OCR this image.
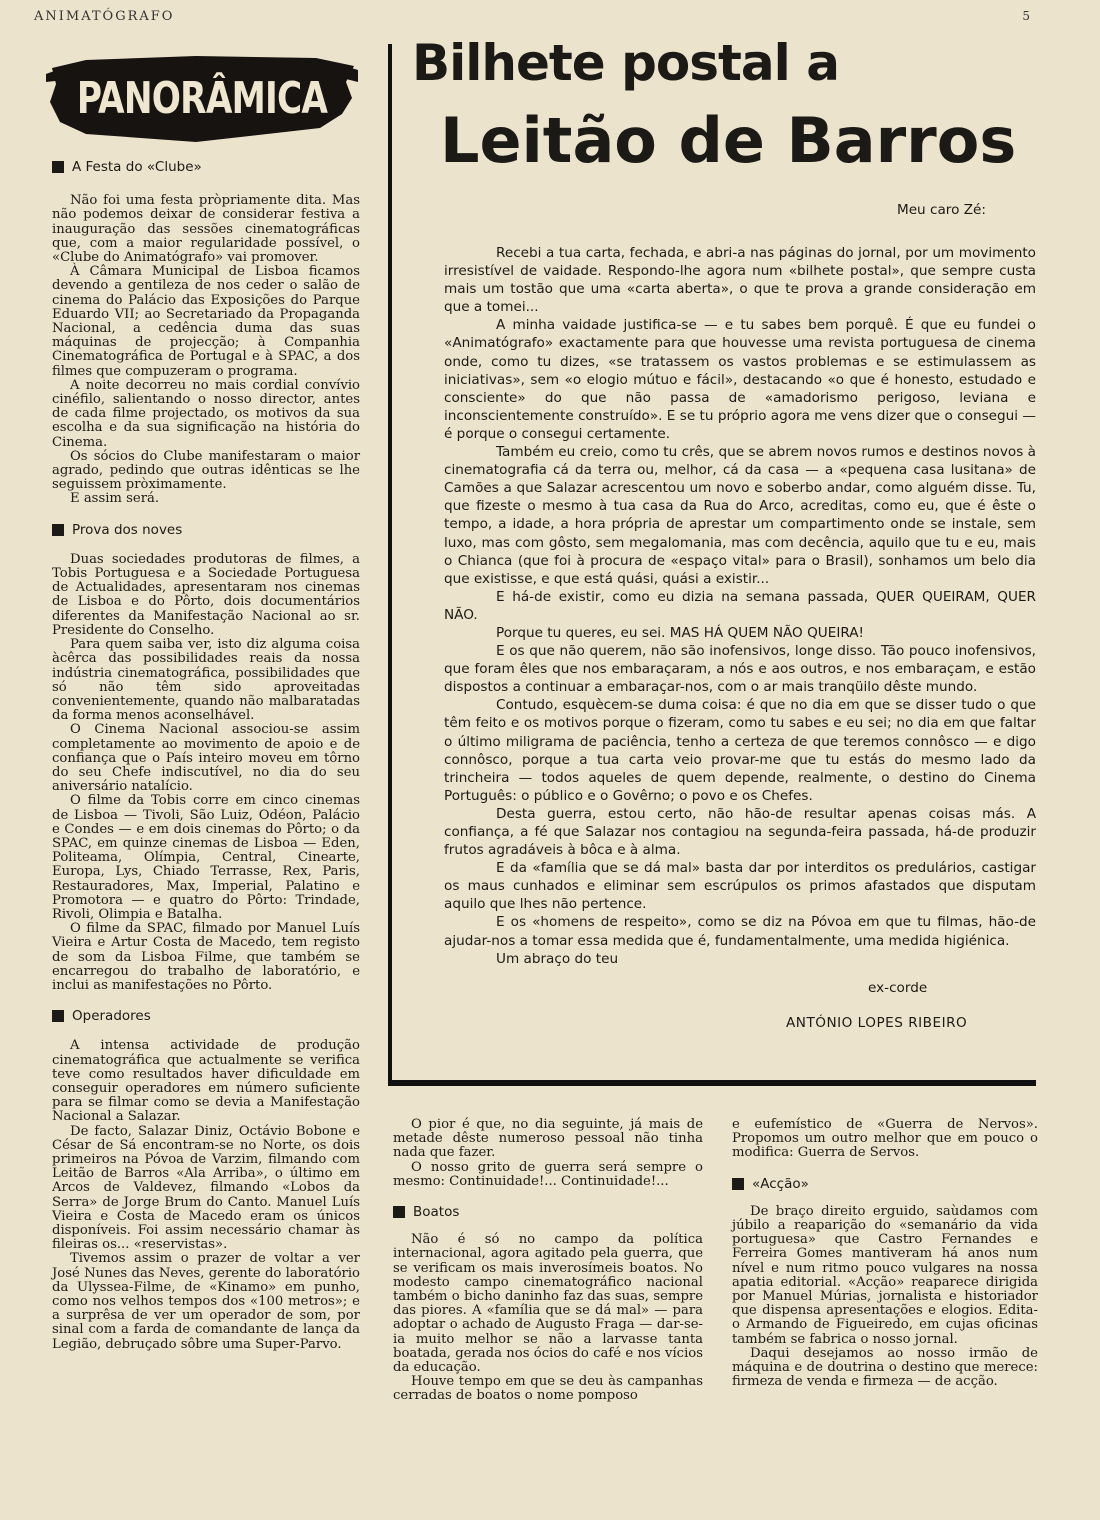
ANIMATÓGRAFO	5
PANORÂMICA
A Festa do «Clube»

Não foi uma festa pròpriamente dita. Mas não podemos deixar de considerar festiva a inauguração das sessões cinematográficas que, com a maior regularidade possível, o «Clube do Animatógrafo» vai promover.

À Câmara Municipal de Lisboa ficamos devendo a gentileza de nos ceder o salão de cinema do Palácio das Exposições do Parque Eduardo VII; ao Secretariado da Propaganda Nacional, a cedência duma das suas máquinas de projecção; à Companhia Cinematográfica de Portugal e à SPAC, a dos filmes que compuzeram o programa.

A noite decorreu no mais cordial convívio cinéfilo, salientando o nosso director, antes de cada filme projectado, os motivos da sua escolha e da sua significação na história do Cinema.

Os sócios do Clube manifestaram o maior agrado, pedindo que outras idênticas se lhe seguissem pròximamente.

E assim será.

Prova dos noves

Duas sociedades produtoras de filmes, a Tobis Portuguesa e a Sociedade Portuguesa de Actualidades, apresentaram nos cinemas de Lisboa e do Pôrto, dois documentários diferentes da Manifestação Nacional ao sr. Presidente do Conselho.

Para quem saiba ver, isto diz alguma coisa àcêrca das possibilidades reais da nossa indústria cinematográfica, possibilidades que só não têm sido aproveitadas convenientemente, quando não malbaratadas da forma menos aconselhável.

O Cinema Nacional associou-se assim completamente ao movimento de apoio e de confiança que o País inteiro moveu em tôrno do seu Chefe indiscutível, no dia do seu aniversário natalício.

O filme da Tobis corre em cinco cinemas de Lisboa — Tivoli, São Luiz, Odéon, Palácio e Condes — e em dois cinemas do Pôrto; o da SPAC, em quinze cinemas de Lisboa — Eden, Politeama, Olímpia, Central, Cinearte, Europa, Lys, Chiado Terrasse, Rex, Paris, Restauradores, Max, Imperial, Palatino e Promotora — e quatro do Pôrto: Trindade, Rivoli, Olimpia e Batalha.

O filme da SPAC, filmado por Manuel Luís Vieira e Artur Costa de Macedo, tem registo de som da Lisboa Filme, que também se encarregou do trabalho de laboratório, e inclui as manifestações no Pôrto.

Operadores

A intensa actividade de produção cinematográfica que actualmente se verifica teve como resultados haver dificuldade em conseguir operadores em número suficiente para se filmar como se devia a Manifestação Nacional a Salazar.

De facto, Salazar Diniz, Octávio Bobone e César de Sá encontram-se no Norte, os dois primeiros na Póvoa de Varzim, filmando com Leitão de Barros «Ala Arriba», o último em Arcos de Valdevez, filmando «Lobos da Serra» de Jorge Brum do Canto. Manuel Luís Vieira e Costa de Macedo eram os únicos disponíveis. Foi assim necessário chamar às fileiras os... «reservistas».

Tivemos assim o prazer de voltar a ver José Nunes das Neves, gerente do laboratório da Ulyssea-Filme, de «Kinamo» em punho, como nos velhos tempos dos «100 metros»; e a surprêsa de ver um operador de som, por sinal com a farda de comandante de lança da Legião, debruçado sôbre uma Super-Parvo.

Bilhete postal a
Leitão de Barros
Meu caro Zé:

Recebi a tua carta, fechada, e abri-a nas páginas do jornal, por um movimento irresistível de vaidade. Respondo-lhe agora num «bilhete postal», que sempre custa mais um tostão que uma «carta aberta», o que te prova a grande consideração em que a tomei...

A minha vaidade justifica-se — e tu sabes bem porquê. É que eu fundei o «Animatógrafo» exactamente para que houvesse uma revista portuguesa de cinema onde, como tu dizes, «se tratassem os vastos problemas e se estimulassem as iniciativas», sem «o elogio mútuo e fácil», destacando «o que é honesto, estudado e consciente» do que não passa de «amadorismo perigoso, leviana e inconscientemente construído». E se tu próprio agora me vens dizer que o consegui — é porque o consegui certamente.

Também eu creio, como tu crês, que se abrem novos rumos e destinos novos à cinematografia cá da terra ou, melhor, cá da casa — a «pequena casa lusitana» de Camões a que Salazar acrescentou um novo e soberbo andar, como alguém disse. Tu, que fizeste o mesmo à tua casa da Rua do Arco, acreditas, como eu, que é êste o tempo, a idade, a hora própria de aprestar um compartimento onde se instale, sem luxo, mas com gôsto, sem megalomania, mas com decência, aquilo que tu e eu, mais o Chianca (que foi à procura de «espaço vital» para o Brasil), sonhamos um belo dia que existisse, e que está quási, quási a existir...

E há-de existir, como eu dizia na semana passada, QUER QUEIRAM, QUER NÃO.

Porque tu queres, eu sei. MAS HÁ QUEM NÃO QUEIRA!

E os que não querem, não são inofensivos, longe disso. Tão pouco inofensivos, que foram êles que nos embaraçaram, a nós e aos outros, e nos embaraçam, e estão dispostos a continuar a embaraçar-nos, com o ar mais tranqüilo dêste mundo.

Contudo, esquècem-se duma coisa: é que no dia em que se disser tudo o que têm feito e os motivos porque o fizeram, como tu sabes e eu sei; no dia em que faltar o último miligrama de paciência, tenho a certeza de que teremos connôsco — e digo connôsco, porque a tua carta veio provar-me que tu estás do mesmo lado da trincheira — todos aqueles de quem depende, realmente, o destino do Cinema Português: o público e o Govêrno; o povo e os Chefes.

Desta guerra, estou certo, não hão-de resultar apenas coisas más. A confiança, a fé que Salazar nos contagiou na segunda-feira passada, há-de produzir frutos agradáveis à bôca e à alma.

E da «família que se dá mal» basta dar por interditos os predulários, castigar os maus cunhados e eliminar sem escrúpulos os primos afastados que disputam aquilo que lhes não pertence.

E os «homens de respeito», como se diz na Póvoa em que tu filmas, hão-de ajudar-nos a tomar essa medida que é, fundamentalmente, uma medida higiénica.

Um abraço do teu

ex-corde
ANTÓNIO LOPES RIBEIRO

O pior é que, no dia seguinte, já mais de metade dêste numeroso pessoal não tinha nada que fazer.

O nosso grito de guerra será sempre o mesmo: Continuidade!... Continuidade!...

Boatos

Não é só no campo da política internacional, agora agitado pela guerra, que se verificam os mais inverosímeis boatos. No modesto campo cinematográfico nacional também o bicho daninho faz das suas, sempre das piores. A «família que se dá mal» — para adoptar o achado de Augusto Fraga — dar-se-ia muito melhor se não a larvasse tanta boatada, gerada nos ócios do café e nos vícios da educação.

Houve tempo em que se deu às campanhas cerradas de boatos o nome pomposo

e eufemístico de «Guerra de Nervos». Propomos um outro melhor que em pouco o modifica: Guerra de Servos.

«Acção»

De braço direito erguido, saùdamos com júbilo a reaparição do «semanário da vida portuguesa» que Castro Fernandes e Ferreira Gomes mantiveram há anos num nível e num ritmo pouco vulgares na nossa apatia editorial. «Acção» reaparece dirigida por Manuel Múrias, jornalista e historiador que dispensa apresentações e elogios. Edita-o Armando de Figueiredo, em cujas oficinas também se fabrica o nosso jornal.

Daqui desejamos ao nosso irmão de máquina e de doutrina o destino que merece: firmeza de venda e firmeza — de acção.
